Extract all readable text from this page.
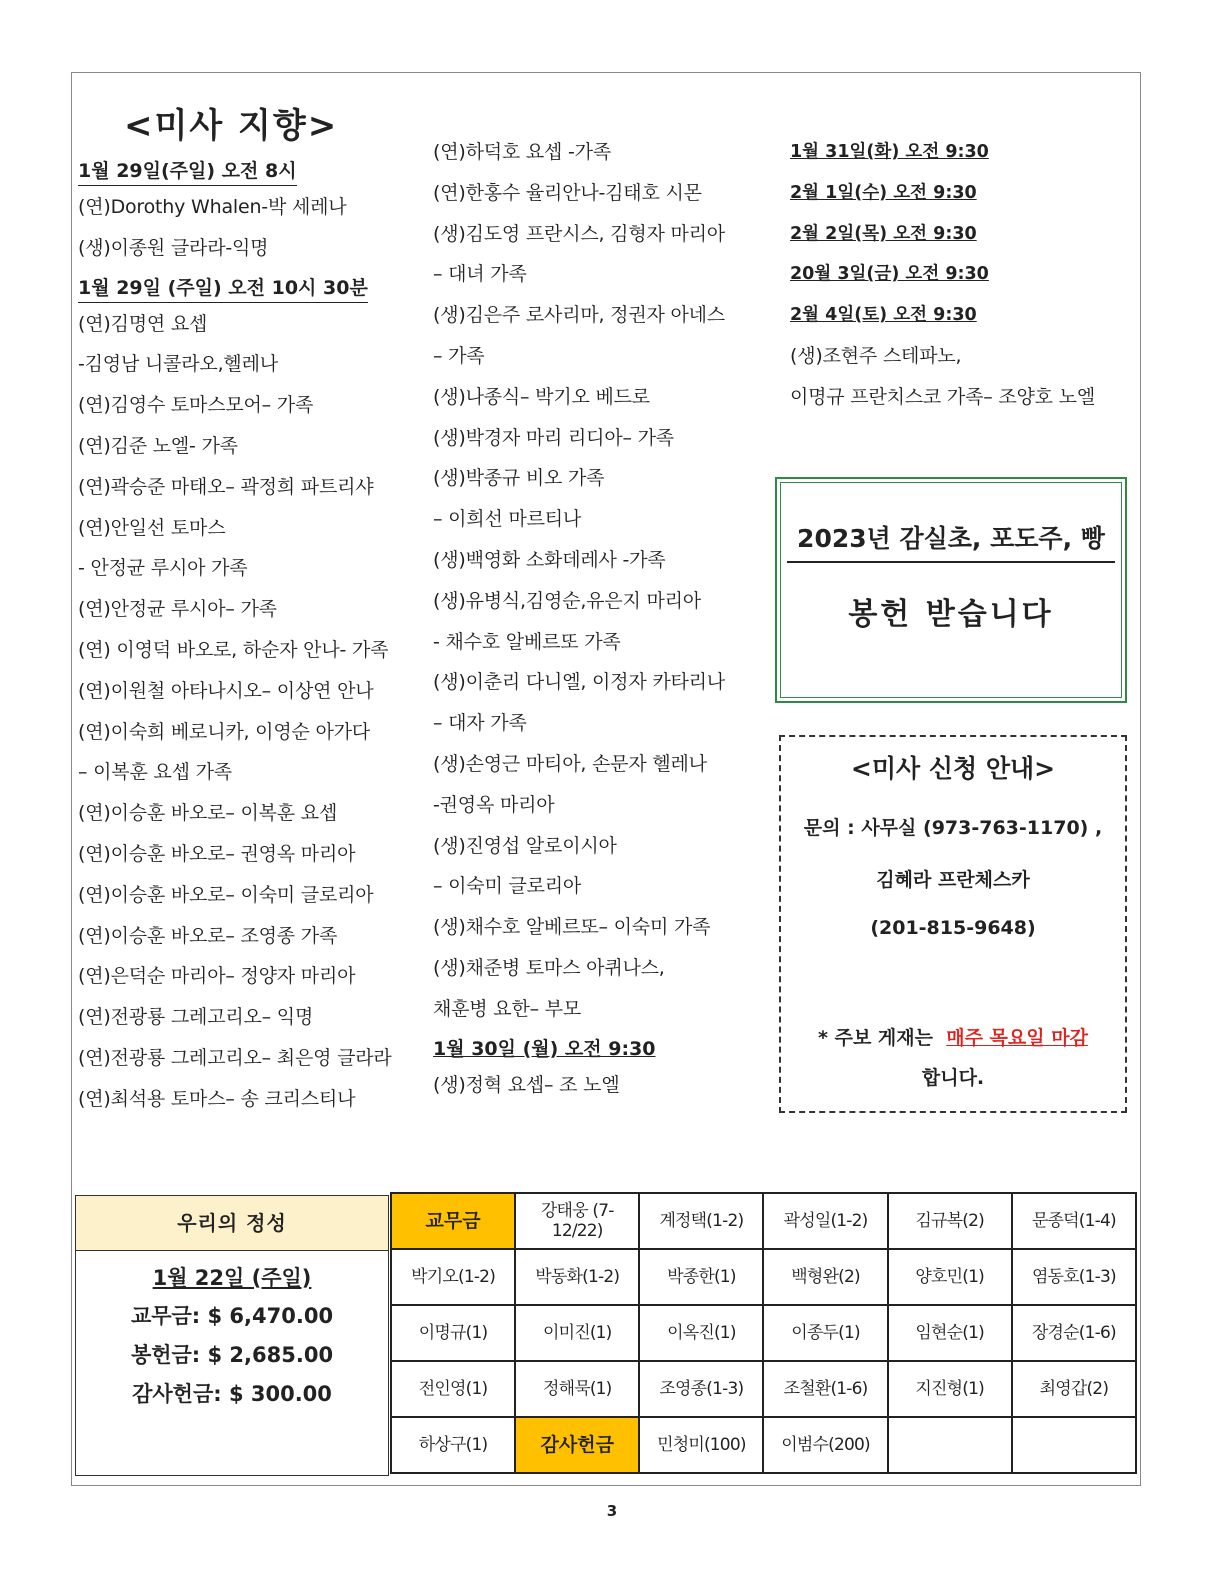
<미사 지향>
1월 29일(주일) 오전 8시
(연)Dorothy Whalen-박 세레나
(생)이종원 글라라-익명
1월 29일 (주일) 오전 10시 30분
(연)김명연 요셉
-김영남 니콜라오,헬레나
(연)김영수 토마스모어– 가족
(연)김준 노엘- 가족
(연)곽승준 마태오– 곽정희 파트리샤
(연)안일선 토마스
- 안정균 루시아 가족
(연)안정균 루시아– 가족
(연) 이영덕 바오로, 하순자 안나- 가족
(연)이원철 아타나시오– 이상연 안나
(연)이숙희 베로니카, 이영순 아가다
– 이복훈 요셉 가족
(연)이승훈 바오로– 이복훈 요셉
(연)이승훈 바오로– 권영옥 마리아
(연)이승훈 바오로– 이숙미 글로리아
(연)이승훈 바오로– 조영종 가족
(연)은덕순 마리아– 정양자 마리아
(연)전광룡 그레고리오– 익명
(연)전광룡 그레고리오– 최은영 글라라
(연)최석용 토마스– 송 크리스티나
(연)하덕호 요셉 -가족
(연)한홍수 율리안나-김태호 시몬
(생)김도영 프란시스, 김형자 마리아
– 대녀 가족
(생)김은주 로사리마, 정권자 아네스
– 가족
(생)나종식– 박기오 베드로
(생)박경자 마리 리디아– 가족
(생)박종규 비오 가족
– 이희선 마르티나
(생)백영화 소화데레사 -가족
(생)유병식,김영순,유은지 마리아
- 채수호 알베르또 가족
(생)이춘리 다니엘, 이정자 카타리나
– 대자 가족
(생)손영근 마티아, 손문자 헬레나
-권영옥 마리아
(생)진영섭 알로이시아
– 이숙미 글로리아
(생)채수호 알베르또– 이숙미 가족
(생)채준병 토마스 아퀴나스,
채훈병 요한– 부모
1월 30일 (월) 오전 9:30
(생)정혁 요셉– 조 노엘
1월 31일(화) 오전 9:30
2월 1일(수) 오전 9:30
2월 2일(목) 오전 9:30
20월 3일(금) 오전 9:30
2월 4일(토) 오전 9:30
(생)조현주 스테파노,
이명규 프란치스코 가족– 조양호 노엘
2023년 감실초, 포도주, 빵
봉헌 받습니다
<미사 신청 안내>
문의 : 사무실 (973-763-1170) ,
김혜라 프란체스카
(201-815-9648)
* 주보 게재는 매주 목요일 마감
합니다.
우리의 정성
1월 22일 (주일)
교무금: $ 6,470.00
봉헌금: $ 2,685.00
감사헌금: $ 300.00
교무금	강태웅 (7-12/22)	계정택(1-2)	곽성일(1-2)	김규복(2)	문종덕(1-4)
박기오(1-2)	박동화(1-2)	박종한(1)	백형완(2)	양호민(1)	염동호(1-3)
이명규(1)	이미진(1)	이옥진(1)	이종두(1)	임현순(1)	장경순(1-6)
전인영(1)	정해묵(1)	조영종(1-3)	조철환(1-6)	지진형(1)	최영갑(2)
하상구(1)	감사헌금	민청미(100)	이범수(200)		
3
